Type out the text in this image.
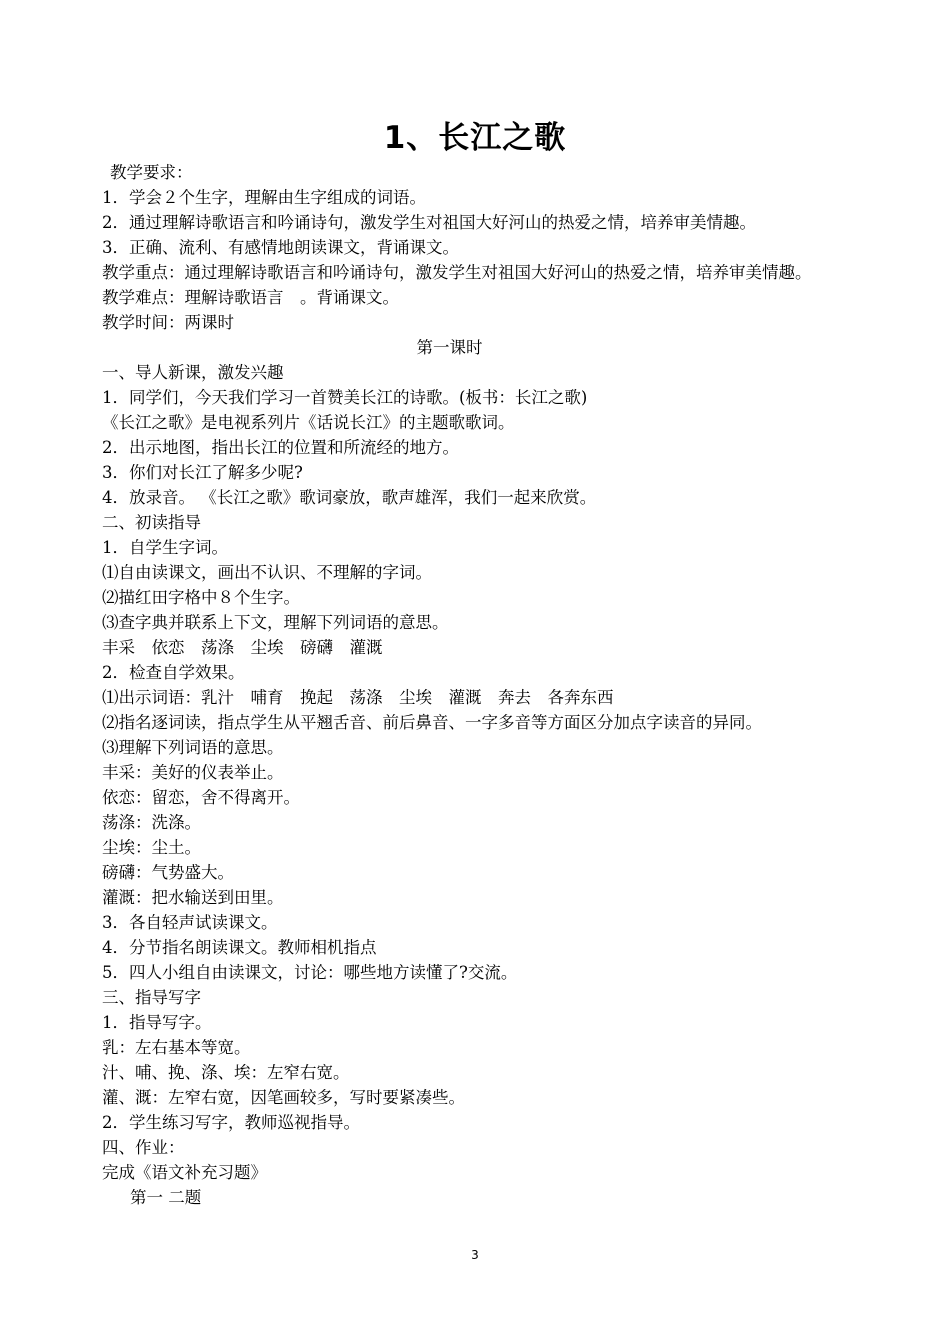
1、长江之歌
教学要求：
1．学会２个生字，理解由生字组成的词语。
2．通过理解诗歌语言和吟诵诗句，激发学生对祖国大好河山的热爱之情，培养审美情趣。
3．正确、流利、有感情地朗读课文，背诵课文。
教学重点：通过理解诗歌语言和吟诵诗句，激发学生对祖国大好河山的热爱之情，培养审美情趣。
教学难点：理解诗歌语言　。背诵课文。
教学时间：两课时
第一课时
一、导人新课，激发兴趣
1．同学们，今天我们学习一首赞美长江的诗歌。(板书：长江之歌)
《长江之歌》是电视系列片《话说长江》的主题歌歌词。
2．出示地图，指出长江的位置和所流经的地方。
3．你们对长江了解多少呢?
4．放录音。 《长江之歌》歌词豪放，歌声雄浑，我们一起来欣赏。
二、初读指导
1．自学生字词。
⑴自由读课文，画出不认识、不理解的字词。
⑵描红田字格中８个生字。
⑶查字典并联系上下文，理解下列词语的意思。
丰采　依恋　荡涤　尘埃　磅礴　灌溉
2．检查自学效果。
⑴出示词语：乳汁　哺育　挽起　荡涤　尘埃　灌溉　奔去　各奔东西
⑵指名逐词读，指点学生从平翘舌音、前后鼻音、一字多音等方面区分加点字读音的异同。
⑶理解下列词语的意思。
丰采：美好的仪表举止。
依恋：留恋，舍不得离开。
荡涤：洗涤。
尘埃：尘土。
磅礴：气势盛大。
灌溉：把水输送到田里。
3．各自轻声试读课文。
4．分节指名朗读课文。教师相机指点
5．四人小组自由读课文，讨论：哪些地方读懂了?交流。
三、指导写字
1．指导写字。
乳：左右基本等宽。
汁、哺、挽、涤、埃：左窄右宽。
灌、溉：左窄右宽，因笔画较多，写时要紧凑些。
2．学生练习写字，教师巡视指导。
四、作业：
完成《语文补充习题》
第一 二题
3
